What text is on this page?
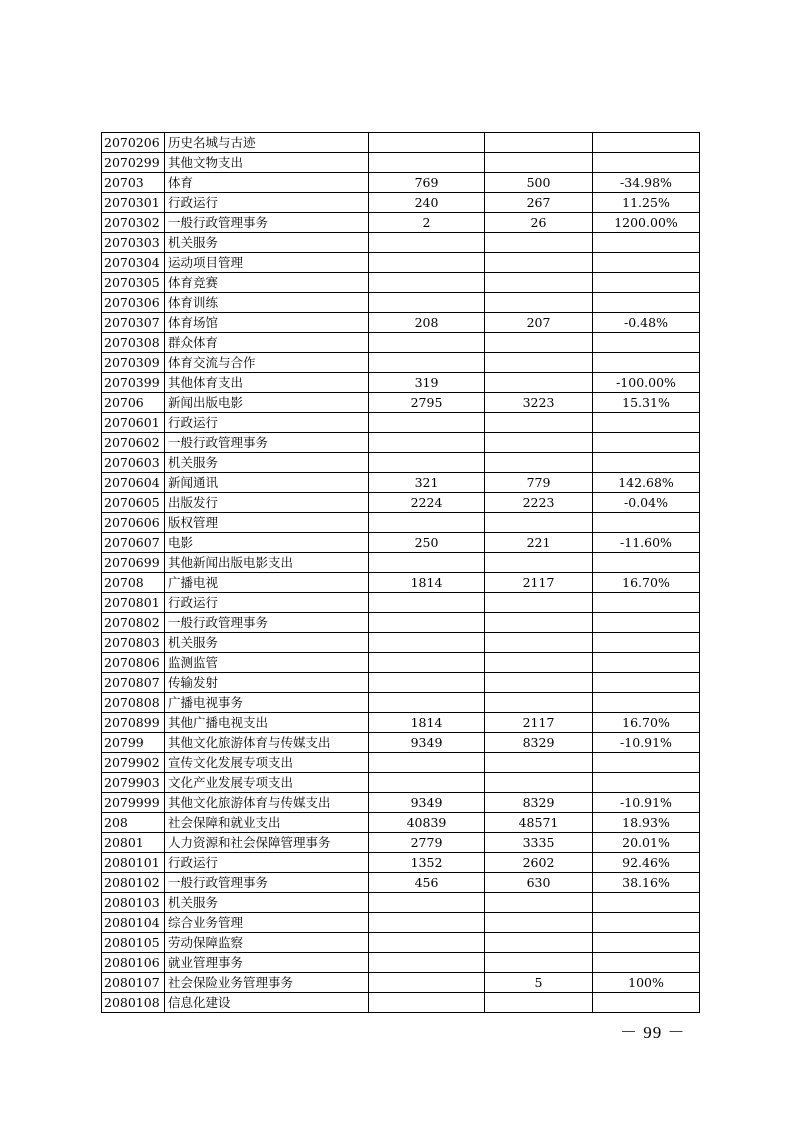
2070206	历史名城与古迹			
2070299	其他文物支出			
20703	体育	769	500	-34.98%
2070301	行政运行	240	267	11.25%
2070302	一般行政管理事务	2	26	1200.00%
2070303	机关服务			
2070304	运动项目管理			
2070305	体育竞赛			
2070306	体育训练			
2070307	体育场馆	208	207	-0.48%
2070308	群众体育			
2070309	体育交流与合作			
2070399	其他体育支出	319		-100.00%
20706	新闻出版电影	2795	3223	15.31%
2070601	行政运行			
2070602	一般行政管理事务			
2070603	机关服务			
2070604	新闻通讯	321	779	142.68%
2070605	出版发行	2224	2223	-0.04%
2070606	版权管理			
2070607	电影	250	221	-11.60%
2070699	其他新闻出版电影支出			
20708	广播电视	1814	2117	16.70%
2070801	行政运行			
2070802	一般行政管理事务			
2070803	机关服务			
2070806	监测监管			
2070807	传输发射			
2070808	广播电视事务			
2070899	其他广播电视支出	1814	2117	16.70%
20799	其他文化旅游体育与传媒支出	9349	8329	-10.91%
2079902	宣传文化发展专项支出			
2079903	文化产业发展专项支出			
2079999	其他文化旅游体育与传媒支出	9349	8329	-10.91%
208	社会保障和就业支出	40839	48571	18.93%
20801	人力资源和社会保障管理事务	2779	3335	20.01%
2080101	行政运行	1352	2602	92.46%
2080102	一般行政管理事务	456	630	38.16%
2080103	机关服务			
2080104	综合业务管理			
2080105	劳动保障监察			
2080106	就业管理事务			
2080107	社会保险业务管理事务		5	100%
2080108	信息化建设			
－ 99 －
